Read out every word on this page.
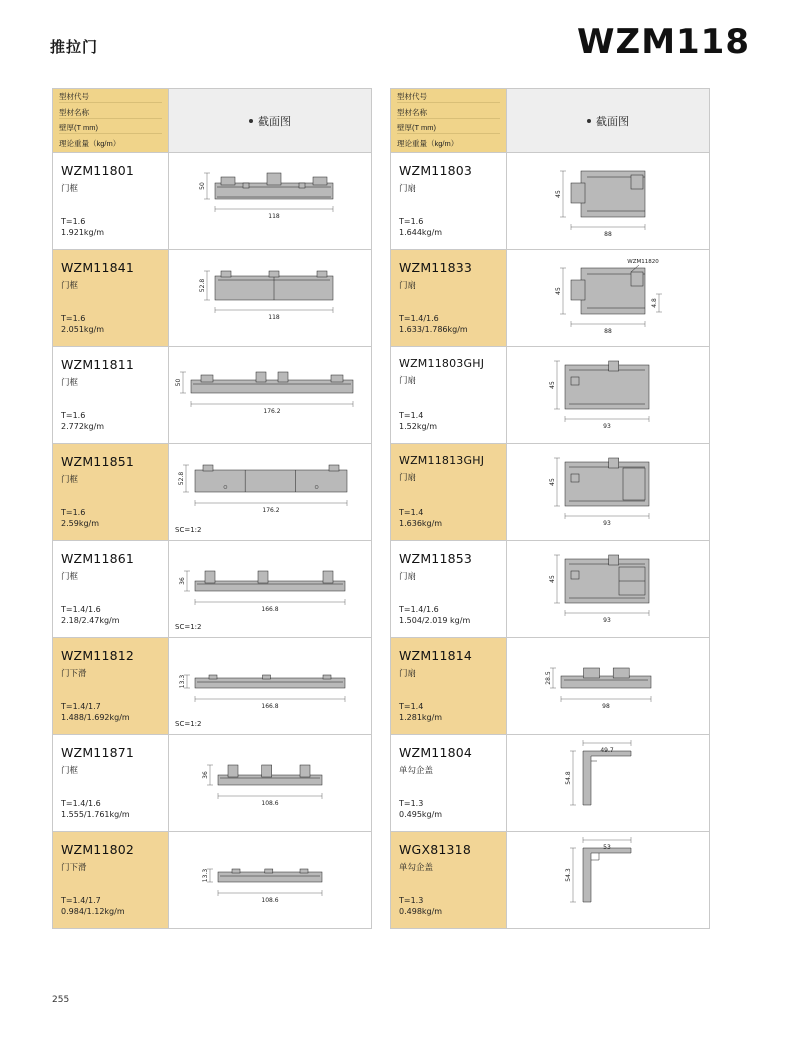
推拉门	WZM118
型材代号
型材名称
壁厚(T mm)
理论重量（kg/m）
截面图
WZM11801
门框
T=1.6
1.921kg/m
50
118
WZM11841
门框
T=1.6
2.051kg/m
52.8
118
WZM11811
门框
T=1.6
2.772kg/m
50
176.2
WZM11851
门框
T=1.6
2.59kg/m
52.8
176.2
SC=1:2
WZM11861
门框
T=1.4/1.6
2.18/2.47kg/m
36
166.8
SC=1:2
WZM11812
门下滑
T=1.4/1.7
1.488/1.692kg/m
13.3
166.8
SC=1:2
WZM11871
门框
T=1.4/1.6
1.555/1.761kg/m
36
108.6
WZM11802
门下滑
T=1.4/1.7
0.984/1.12kg/m
13.3
108.6
型材代号
型材名称
壁厚(T mm)
理论重量（kg/m）
截面图
WZM11803
门扇
T=1.6
1.644kg/m
45
88
WZM11833
门扇
T=1.4/1.6
1.633/1.786kg/m
45
88
WZM11820
4.8
WZM11803GHJ
门扇
T=1.4
1.52kg/m
45
93
WZM11813GHJ
门扇
T=1.4
1.636kg/m
45
93
WZM11853
门扇
T=1.4/1.6
1.504/2.019 kg/m
45
93
WZM11814
门扇
T=1.4
1.281kg/m
28.5
98
WZM11804
单勾企盖
T=1.3
0.495kg/m
49.7
54.8
WGX81318
单勾企盖
T=1.3
0.498kg/m
53
54.3
255
